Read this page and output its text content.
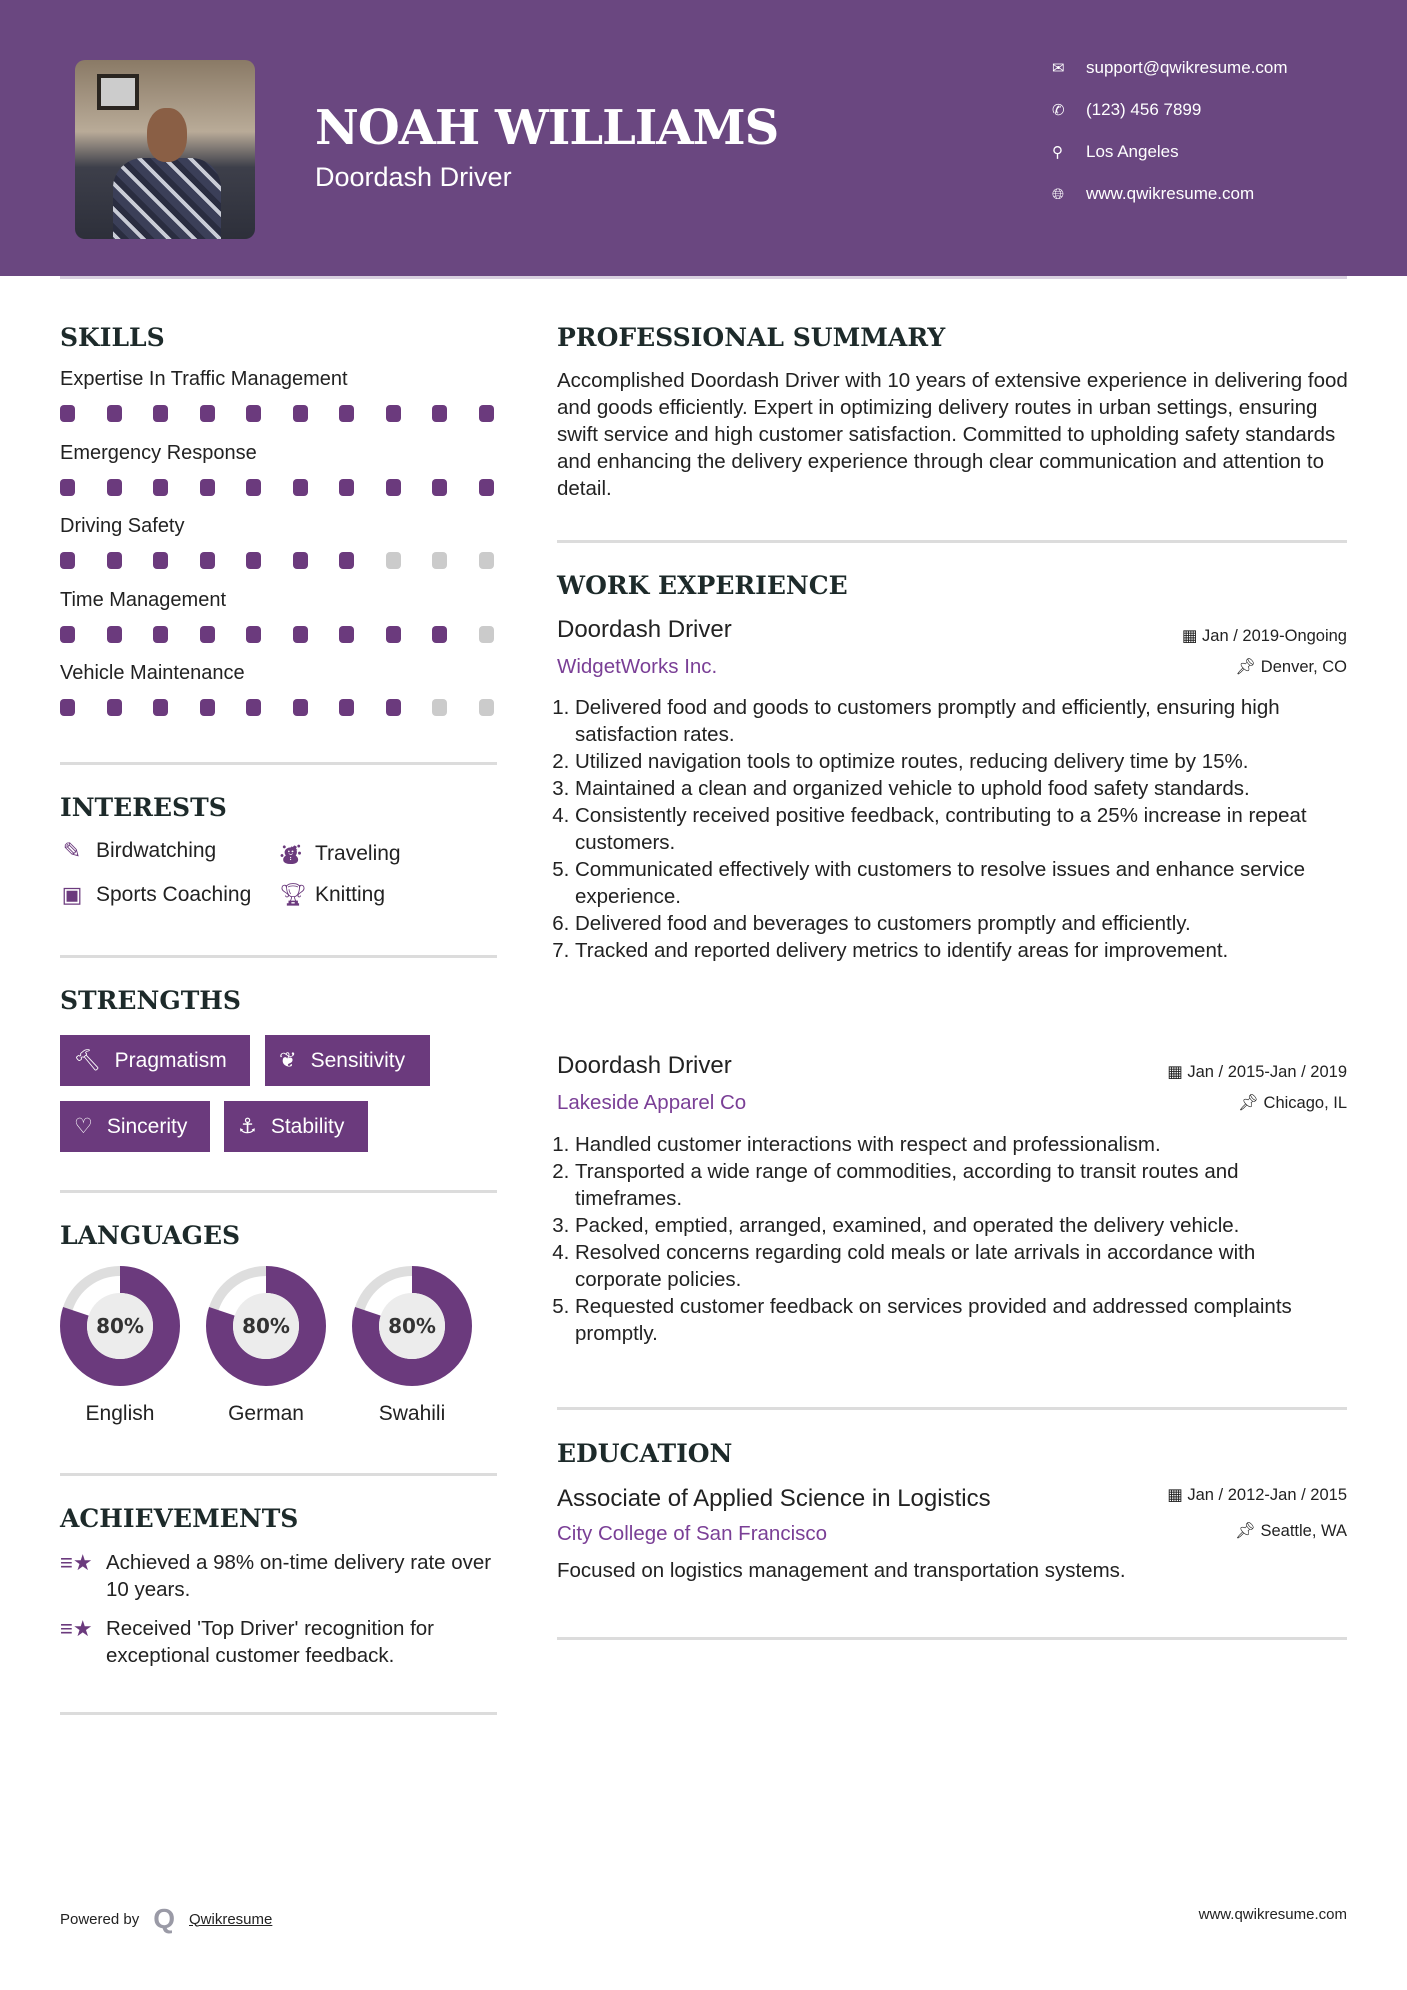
NOAH WILLIAMS
Doordash Driver
✉	support@qwikresume.com
✆	(123) 456 7899
⚲	Los Angeles
🌐︎	www.qwikresume.com
SKILLS
Expertise In Traffic Management
Emergency Response
Driving Safety
Time Management
Vehicle Maintenance
INTERESTS
✎ Birdwatching	⛇ Traveling
▣ Sports Coaching 🏆︎ Knitting
STRENGTHS
🔨︎ Pragmatism ❦ Sensitivity
♡ Sincerity ⚓︎ Stability
LANGUAGES
80%
English
80%
German
80%
Swahili
ACHIEVEMENTS
≡★ Achieved a 98% on-time delivery rate over 10 years.
≡★ Received 'Top Driver' recognition for exceptional customer feedback.
PROFESSIONAL SUMMARY
Accomplished Doordash Driver with 10 years of extensive experience in delivering food and goods efficiently. Expert in optimizing delivery routes in urban settings, ensuring swift service and high customer satisfaction. Committed to upholding safety standards and enhancing the delivery experience through clear communication and attention to detail.
WORK EXPERIENCE
Doordash Driver	▦ Jan / 2019-Ongoing
WidgetWorks Inc.	📌︎ Denver, CO
1. Delivered food and goods to customers promptly and efficiently, ensuring high satisfaction rates.
2. Utilized navigation tools to optimize routes, reducing delivery time by 15%.
3. Maintained a clean and organized vehicle to uphold food safety standards.
4. Consistently received positive feedback, contributing to a 25% increase in repeat customers.
5. Communicated effectively with customers to resolve issues and enhance service experience.
6. Delivered food and beverages to customers promptly and efficiently.
7. Tracked and reported delivery metrics to identify areas for improvement.
Doordash Driver	▦ Jan / 2015-Jan / 2019
Lakeside Apparel Co	📌︎ Chicago, IL
1. Handled customer interactions with respect and professionalism.
2. Transported a wide range of commodities, according to transit routes and timeframes.
3. Packed, emptied, arranged, examined, and operated the delivery vehicle.
4. Resolved concerns regarding cold meals or late arrivals in accordance with corporate policies.
5. Requested customer feedback on services provided and addressed complaints promptly.
EDUCATION
Associate of Applied Science in Logistics	▦ Jan / 2012-Jan / 2015
City College of San Francisco	📌︎ Seattle, WA
Focused on logistics management and transportation systems.
Powered by Q Qwikresume	www.qwikresume.com
